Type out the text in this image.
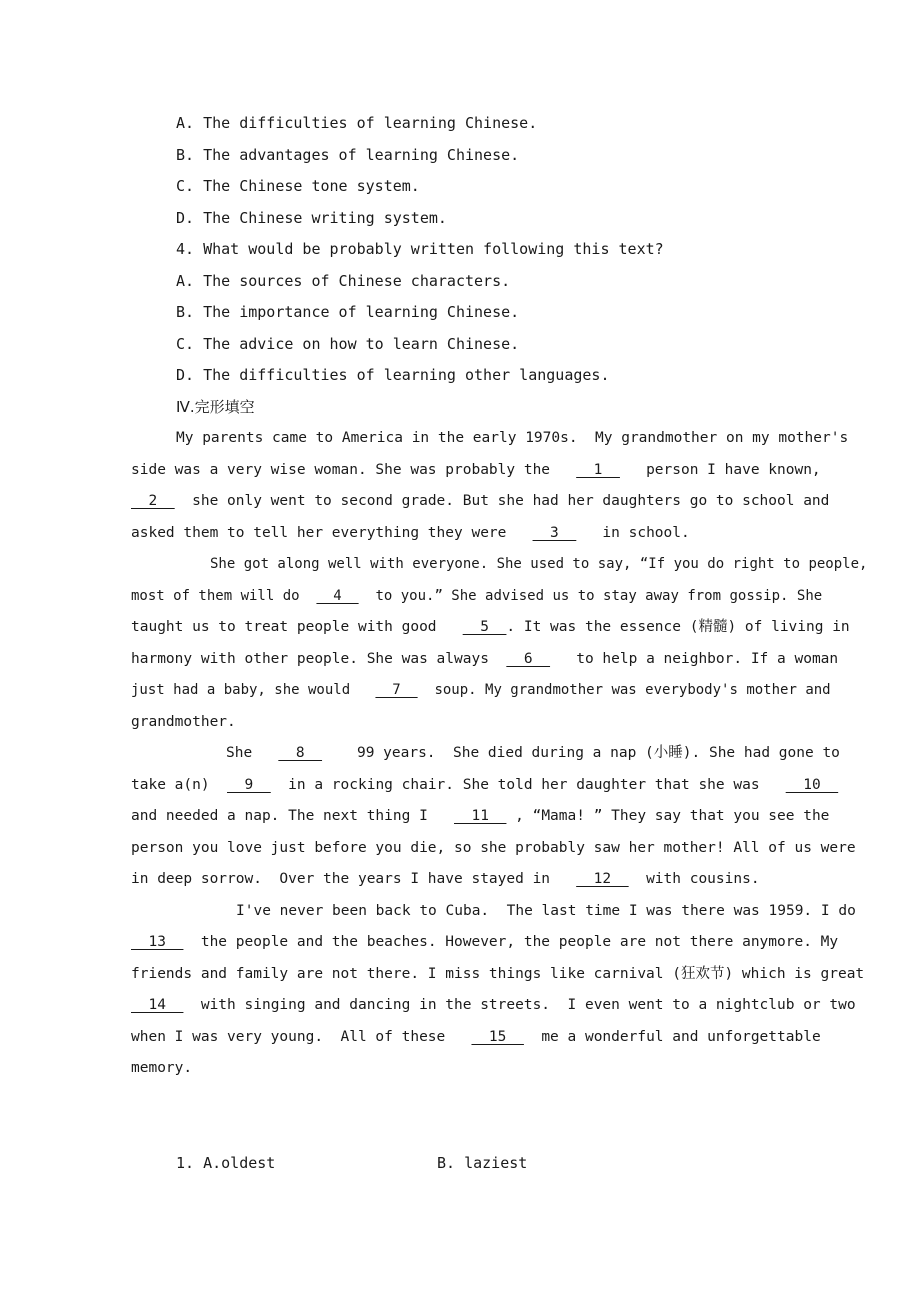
A. The difficulties of learning Chinese.
B. The advantages of learning Chinese.
C. The Chinese tone system.
D. The Chinese writing system.
4. What would be probably written following this text?
A. The sources of Chinese characters.
B. The importance of learning Chinese.
C. The advice on how to learn Chinese.
D. The difficulties of learning other languages.
Ⅳ.完形填空
My parents came to America in the early 1970s.  My grandmother on my mother's
side was a very wise woman. She was probably the   __1__   person I have known,
__2__  she only went to second grade. But she had her daughters go to school and
asked them to tell her everything they were   __3__   in school.
She got along well with everyone. She used to say, “If you do right to people,
most of them will do  __4__  to you.” She advised us to stay away from gossip. She
taught us to treat people with good   __5__. It was the essence (精髓) of living in
harmony with other people. She was always  __6__   to help a neighbor. If a woman
just had a baby, she would   __7__  soup. My grandmother was everybody's mother and
grandmother.
She   __8__    99 years.  She died during a nap (小睡). She had gone to
take a(n)  __9__  in a rocking chair. She told her daughter that she was   __10__
and needed a nap. The next thing I   __11__ , “Mama! ” They say that you see the
person you love just before you die, so she probably saw her mother! All of us were
in deep sorrow.  Over the years I have stayed in   __12__  with cousins.
I've never been back to Cuba.  The last time I was there was 1959. I do
__13__  the people and the beaches. However, the people are not there anymore. My
friends and family are not there. I miss things like carnival (狂欢节) which is great
__14__  with singing and dancing in the streets.  I even went to a nightclub or two
when I was very young.  All of these   __15__  me a wonderful and unforgettable
memory.
1. A.oldest	B. laziest
